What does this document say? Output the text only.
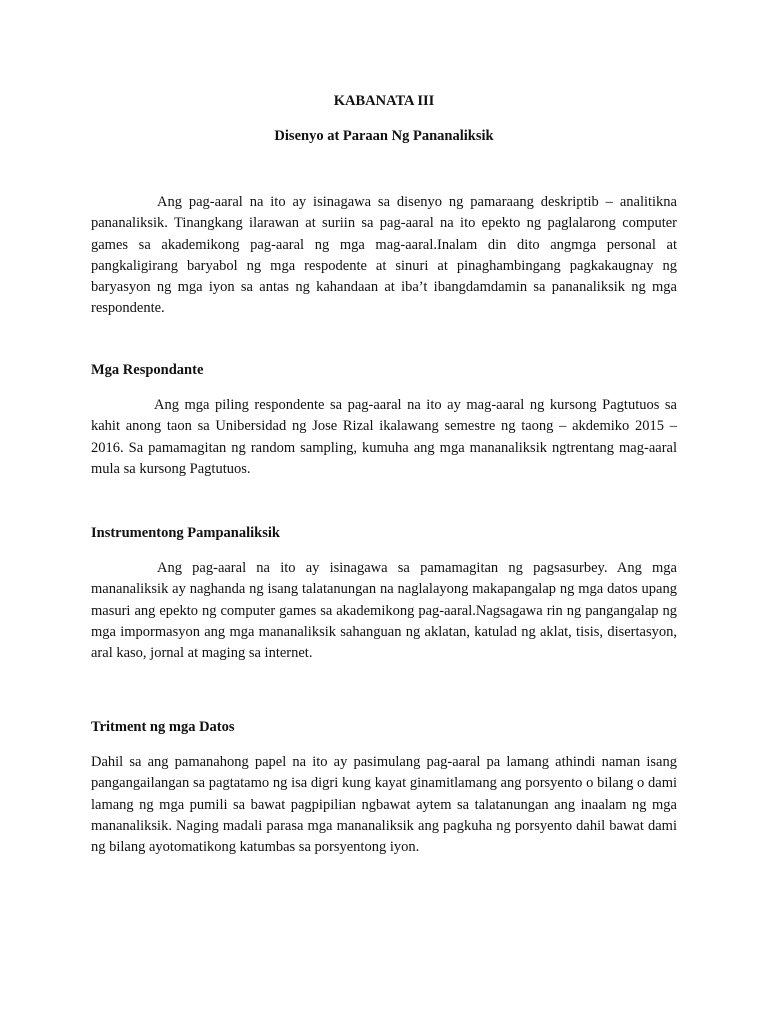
KABANATA III
Disenyo at Paraan Ng Pananaliksik

Ang pag-aaral na ito ay isinagawa sa disenyo ng pamaraang deskriptib – analitikna pananaliksik. Tinangkang ilarawan at suriin sa pag-aaral na ito epekto ng paglalarong computer games sa akademikong pag-aaral ng mga mag-aaral.Inalam din dito angmga personal at pangkaligirang baryabol ng mga respodente at sinuri at pinaghambingang pagkakaugnay ng baryasyon ng mga iyon sa antas ng kahandaan at iba’t ibangdamdamin sa pananaliksik ng mga respondente.

Mga Respondante

Ang mga piling respondente sa pag-aaral na ito ay mag-aaral ng kursong Pagtutuos sa kahit anong taon sa Unibersidad ng Jose Rizal ikalawang semestre ng taong – akdemiko 2015 – 2016. Sa pamamagitan ng random sampling, kumuha ang mga mananaliksik ngtrentang mag-aaral mula sa kursong Pagtutuos.

Instrumentong Pampanaliksik

Ang pag-aaral na ito ay isinagawa sa pamamagitan ng pagsasurbey. Ang mga mananaliksik ay naghanda ng isang talatanungan na naglalayong makapangalap ng mga datos upang masuri ang epekto ng computer games sa akademikong pag-aaral.Nagsagawa rin ng pangangalap ng mga impormasyon ang mga mananaliksik sahanguan ng aklatan, katulad ng aklat, tisis, disertasyon, aral kaso, jornal at maging sa internet.

Tritment ng mga Datos

Dahil sa ang pamanahong papel na ito ay pasimulang pag-aaral pa lamang athindi naman isang pangangailangan sa pagtatamo ng isa digri kung kayat ginamitlamang ang porsyento o bilang o dami lamang ng mga pumili sa bawat pagpipilian ngbawat aytem sa talatanungan ang inaalam ng mga mananaliksik. Naging madali parasa mga mananaliksik ang pagkuha ng porsyento dahil bawat dami ng bilang ayotomatikong katumbas sa porsyentong iyon.
